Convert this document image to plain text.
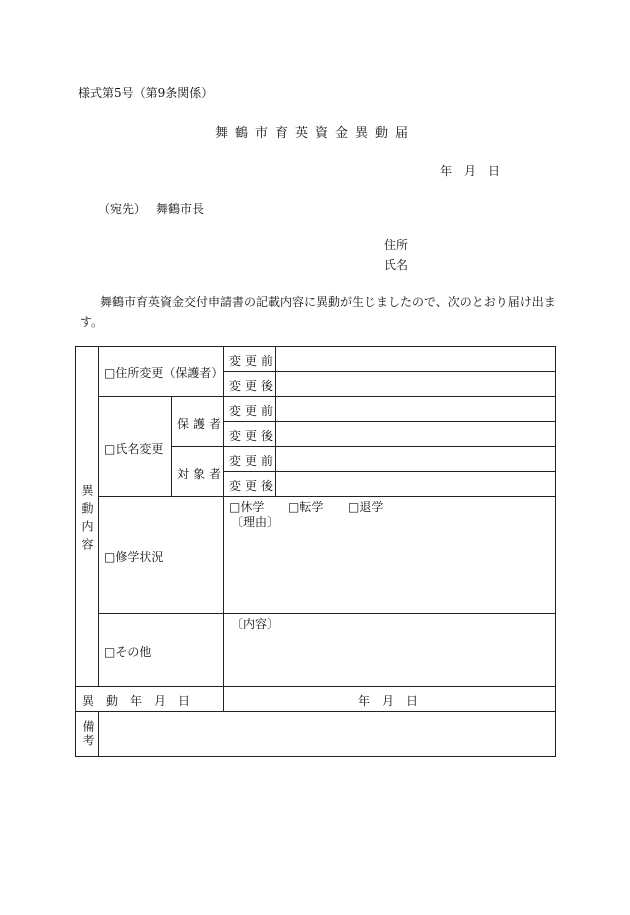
様式第5号（第9条関係）
舞鶴市育英資金異動届
年　月　日
（宛先） 舞鶴市長
住所
氏名
舞鶴市育英資金交付申請書の記載内容に異動が生じましたので、次のとおり届け出ま
す。
異動内容
□住所変更（保護者）
変更前
変更後
□氏名変更
保護者
対象者
変更前
変更後
変更前
変更後
□修学状況
□休学 □転学 □退学
〔理由〕
□その他
〔内容〕
異　動　年　月　日	年　月　日
備考
